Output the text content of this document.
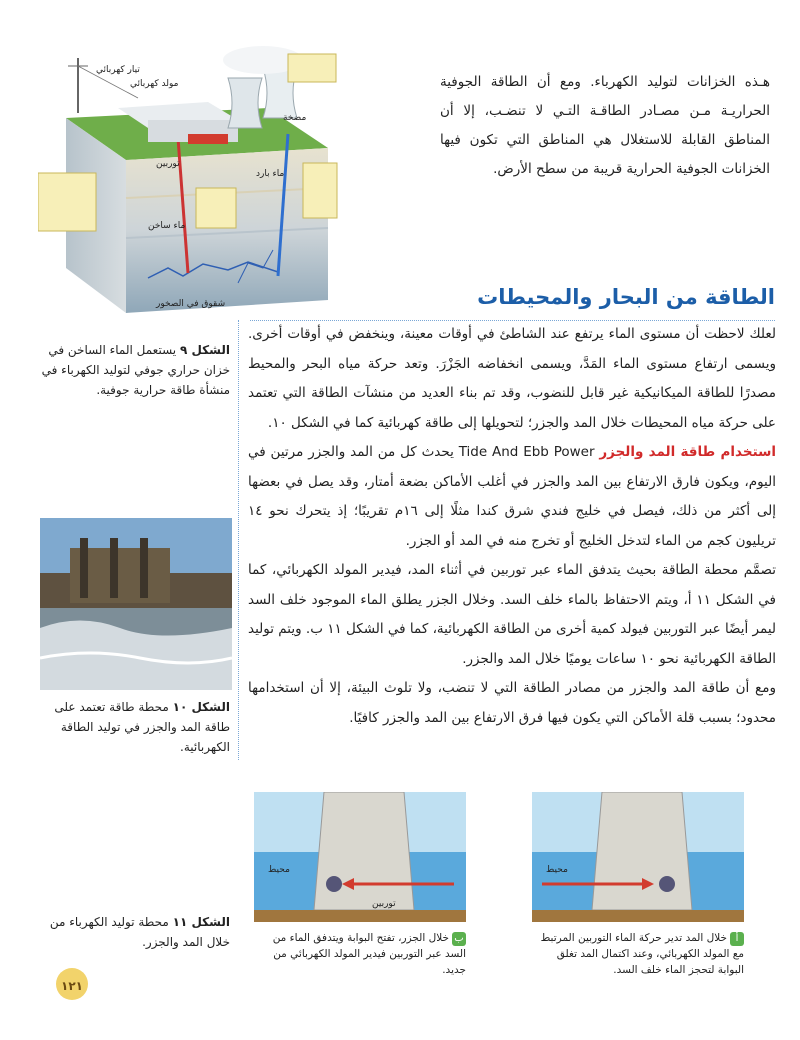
هـذه الخزانات لتوليد الكهرباء. ومع أن الطاقة الجوفية الحراريـة مـن مصـادر الطاقـة التـي لا تنضـب، إلا أن المناطق القابلة للاستغلال هي المناطق التي تكون فيها الخزانات الجوفية الحرارية قريبة من سطح الأرض.
تيار كهربائي
مولد كهربائي
مضخة
توربين
ماء بارد
ماء ساخن
شقوق في الصخور
الشكل ٩ يستعمل الماء الساخن في خزان حراري جوفي لتوليد الكهرباء في منشأة طاقة حرارية جوفية.
الطاقة من البحار والمحيطات

لعلك لاحظت أن مستوى الماء يرتفع عند الشاطئ في أوقات معينة، وينخفض في أوقات أخرى. ويسمى ارتفاع مستوى الماء المَدَّ، ويسمى انخفاضه الجَزْرَ. وتعد حركة مياه البحر والمحيط مصدرًا للطاقة الميكانيكية غير قابل للنضوب، وقد تم بناء العديد من منشآت الطاقة التي تعتمد على حركة مياه المحيطات خلال المد والجزر؛ لتحويلها إلى طاقة كهربائية كما في الشكل ١٠.

استخدام طاقة المد والجزر Tide And Ebb Power يحدث كل من المد والجزر مرتين في اليوم، ويكون فارق الارتفاع بين المد والجزر في أغلب الأماكن بضعة أمتار، وقد يصل في بعضها إلى أكثر من ذلك، فيصل في خليج فندي شرق كندا مثلًا إلى ١٦م تقريبًا؛ إذ يتحرك نحو ١٤ تريليون كجم من الماء لتدخل الخليج أو تخرج منه في المد أو الجزر.

تصمَّم محطة الطاقة بحيث يتدفق الماء عبر توربين في أثناء المد، فيدير المولد الكهربائي، كما في الشكل ١١ أ، ويتم الاحتفاظ بالماء خلف السد. وخلال الجزر يطلق الماء الموجود خلف السد ليمر أيضًا عبر التوربين فيولد كمية أخرى من الطاقة الكهربائية، كما في الشكل ١١ ب. ويتم توليد الطاقة الكهربائية نحو ١٠ ساعات يوميًا خلال المد والجزر.

ومع أن طاقة المد والجزر من مصادر الطاقة التي لا تنضب، ولا تلوث البيئة، إلا أن استخدامها محدود؛ بسبب قلة الأماكن التي يكون فيها فرق الارتفاع بين المد والجزر كافيًا.

الشكل ١٠ محطة طاقة تعتمد على طاقة المد والجزر في توليد الطاقة الكهربائية.
محيط
أخلال المد تدير حركة الماء التوربين المرتبط مع المولد الكهربائي، وعند اكتمال المد تغلق البوابة لتحجز الماء خلف السد.
محيط
توربين
بخلال الجزر، تفتح البوابة ويتدفق الماء من السد عبر التوربين فيدير المولد الكهربائي من جديد.
الشكل ١١ محطة توليد الكهرباء من خلال المد والجزر.
١٢١
